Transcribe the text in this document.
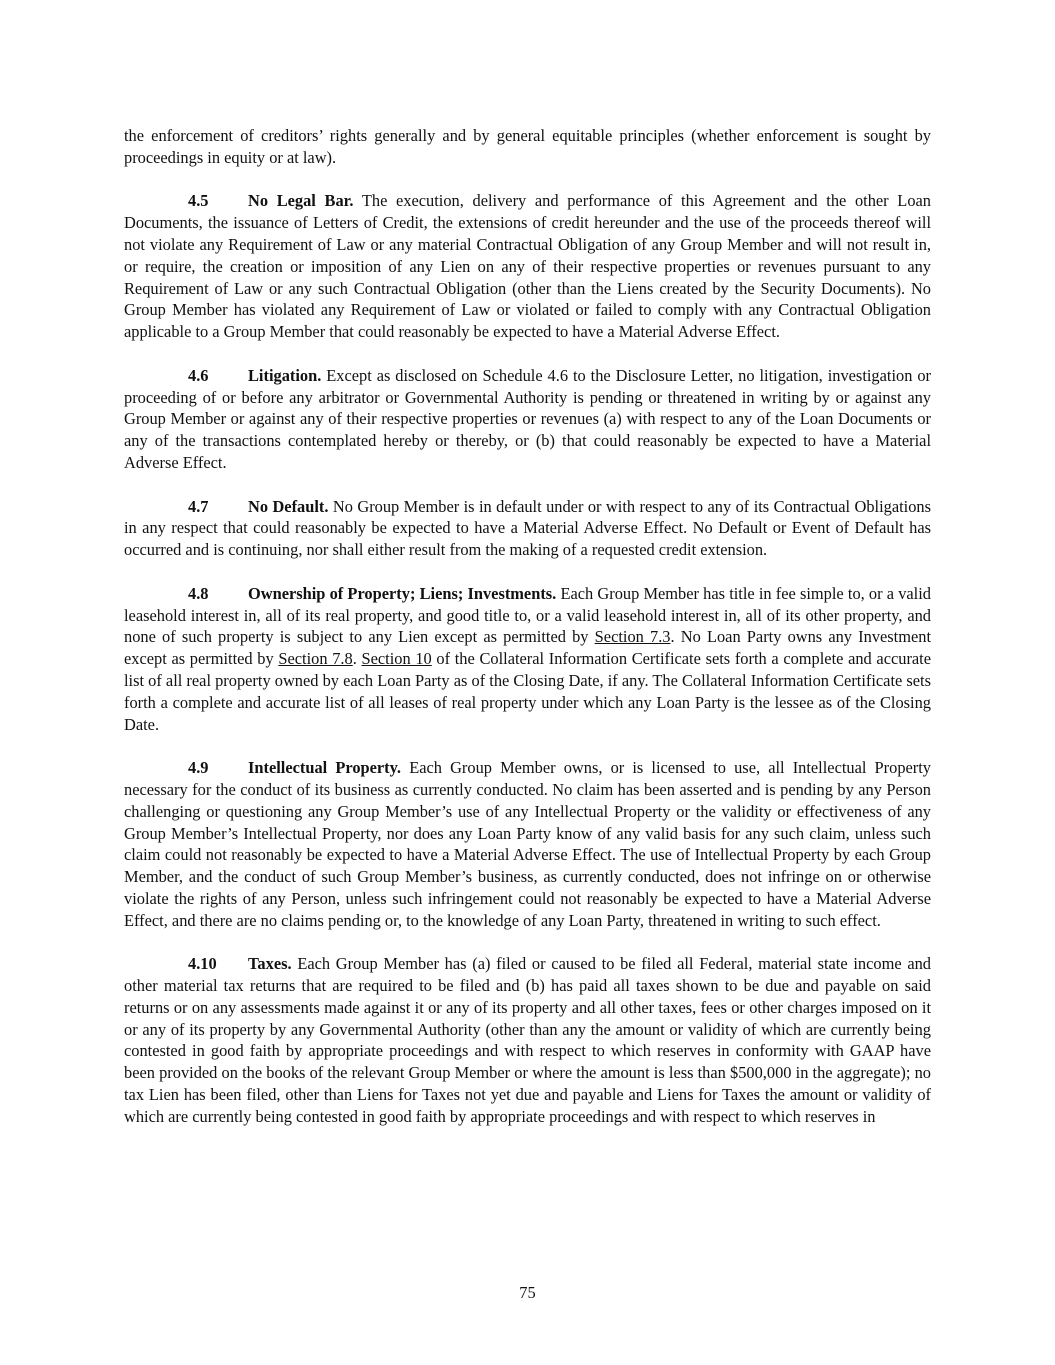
the enforcement of creditors’ rights generally and by general equitable principles (whether enforcement is sought by proceedings in equity or at law).

4.5 No Legal Bar. The execution, delivery and performance of this Agreement and the other Loan Documents, the issuance of Letters of Credit, the extensions of credit hereunder and the use of the proceeds thereof will not violate any Requirement of Law or any material Contractual Obligation of any Group Member and will not result in, or require, the creation or imposition of any Lien on any of their respective properties or revenues pursuant to any Requirement of Law or any such Contractual Obligation (other than the Liens created by the Security Documents). No Group Member has violated any Requirement of Law or violated or failed to comply with any Contractual Obligation applicable to a Group Member that could reasonably be expected to have a Material Adverse Effect.

4.6 Litigation. Except as disclosed on Schedule 4.6 to the Disclosure Letter, no litigation, investigation or proceeding of or before any arbitrator or Governmental Authority is pending or threatened in writing by or against any Group Member or against any of their respective properties or revenues (a) with respect to any of the Loan Documents or any of the transactions contemplated hereby or thereby, or (b) that could reasonably be expected to have a Material Adverse Effect.

4.7 No Default. No Group Member is in default under or with respect to any of its Contractual Obligations in any respect that could reasonably be expected to have a Material Adverse Effect. No Default or Event of Default has occurred and is continuing, nor shall either result from the making of a requested credit extension.

4.8 Ownership of Property; Liens; Investments. Each Group Member has title in fee simple to, or a valid leasehold interest in, all of its real property, and good title to, or a valid leasehold interest in, all of its other property, and none of such property is subject to any Lien except as permitted by Section 7.3. No Loan Party owns any Investment except as permitted by Section 7.8. Section 10 of the Collateral Information Certificate sets forth a complete and accurate list of all real property owned by each Loan Party as of the Closing Date, if any. The Collateral Information Certificate sets forth a complete and accurate list of all leases of real property under which any Loan Party is the lessee as of the Closing Date.

4.9 Intellectual Property. Each Group Member owns, or is licensed to use, all Intellectual Property necessary for the conduct of its business as currently conducted. No claim has been asserted and is pending by any Person challenging or questioning any Group Member’s use of any Intellectual Property or the validity or effectiveness of any Group Member’s Intellectual Property, nor does any Loan Party know of any valid basis for any such claim, unless such claim could not reasonably be expected to have a Material Adverse Effect. The use of Intellectual Property by each Group Member, and the conduct of such Group Member’s business, as currently conducted, does not infringe on or otherwise violate the rights of any Person, unless such infringement could not reasonably be expected to have a Material Adverse Effect, and there are no claims pending or, to the knowledge of any Loan Party, threatened in writing to such effect.

4.10 Taxes. Each Group Member has (a) filed or caused to be filed all Federal, material state income and other material tax returns that are required to be filed and (b) has paid all taxes shown to be due and payable on said returns or on any assessments made against it or any of its property and all other taxes, fees or other charges imposed on it or any of its property by any Governmental Authority (other than any the amount or validity of which are currently being contested in good faith by appropriate proceedings and with respect to which reserves in conformity with GAAP have been provided on the books of the relevant Group Member or where the amount is less than $500,000 in the aggregate); no tax Lien has been filed, other than Liens for Taxes not yet due and payable and Liens for Taxes the amount or validity of which are currently being contested in good faith by appropriate proceedings and with respect to which reserves in

75
